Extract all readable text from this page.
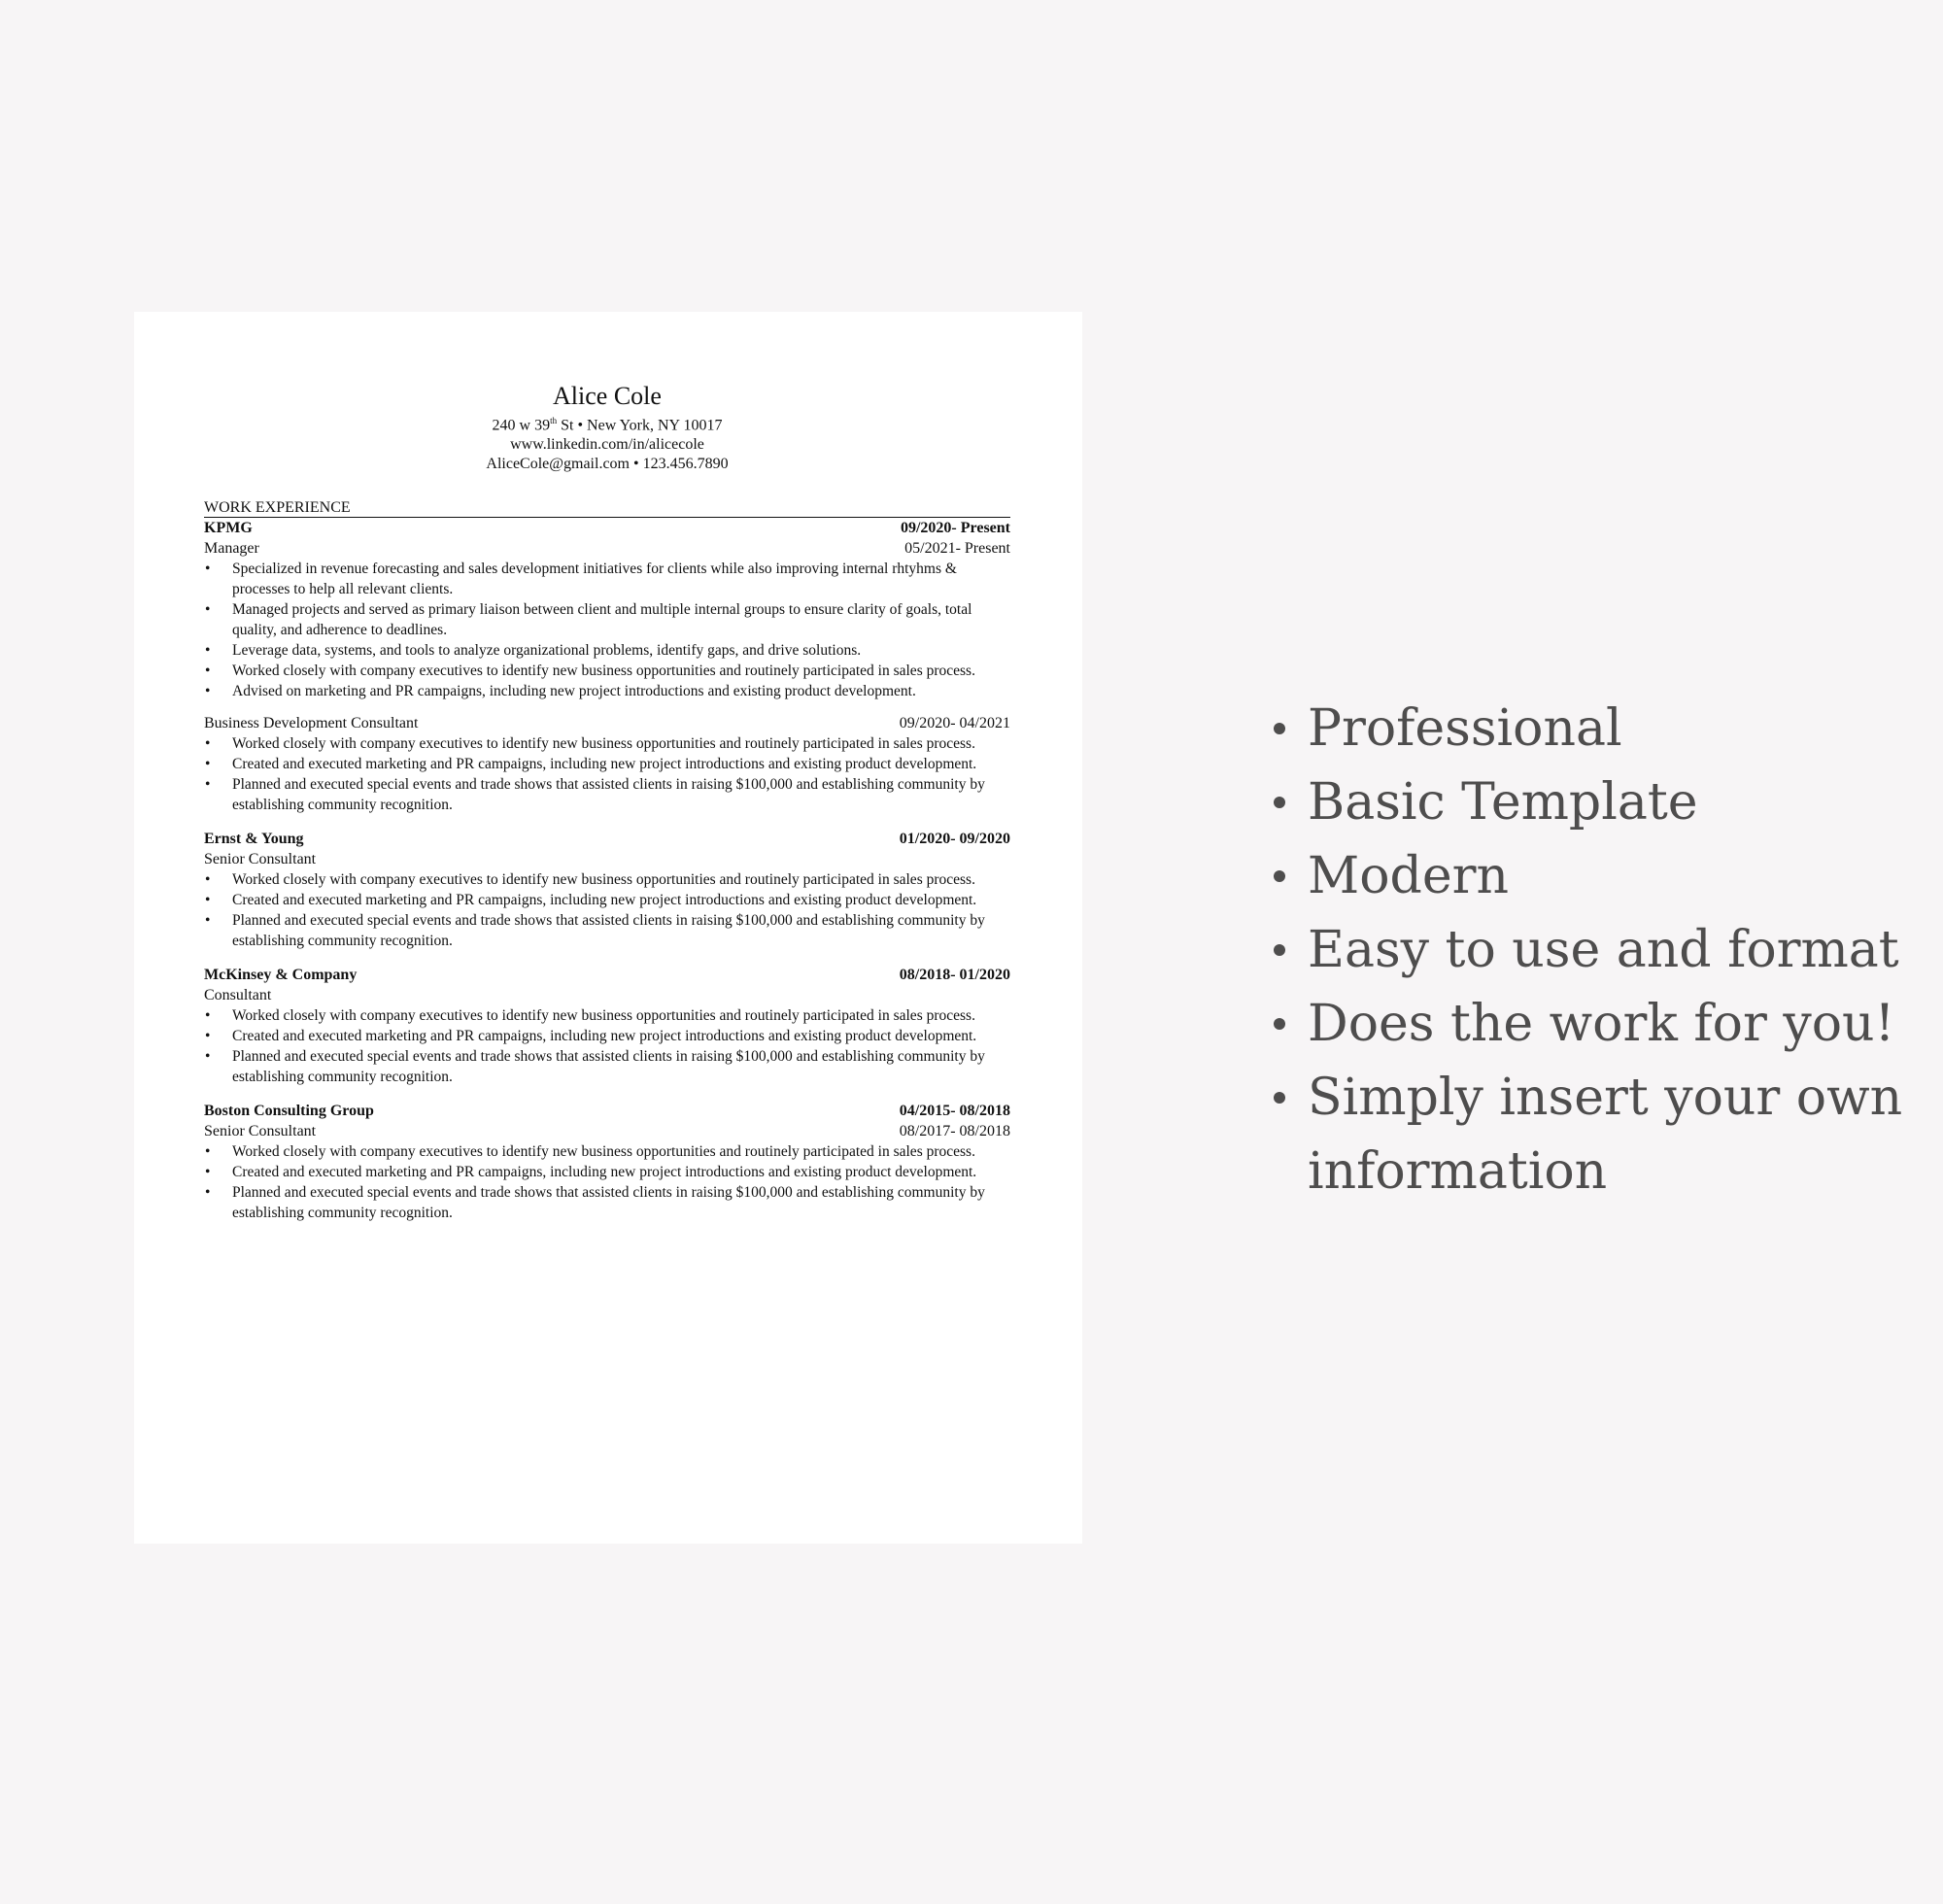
Alice Cole
240 w 39th St • New York, NY 10017
www.linkedin.com/in/alicecole
AliceCole@gmail.com • 123.456.7890
WORK EXPERIENCE
KPMG	09/2020- Present
Manager	05/2021- Present
• Specialized in revenue forecasting and sales development initiatives for clients while also improving internal rhtyhms & processes to help all relevant clients.
• Managed projects and served as primary liaison between client and multiple internal groups to ensure clarity of goals, total quality, and adherence to deadlines.
• Leverage data, systems, and tools to analyze organizational problems, identify gaps, and drive solutions.
• Worked closely with company executives to identify new business opportunities and routinely participated in sales process.
• Advised on marketing and PR campaigns, including new project introductions and existing product development.
Business Development Consultant	09/2020- 04/2021
• Worked closely with company executives to identify new business opportunities and routinely participated in sales process.
• Created and executed marketing and PR campaigns, including new project introductions and existing product development.
• Planned and executed special events and trade shows that assisted clients in raising $100,000 and establishing community by establishing community recognition.
Ernst & Young	01/2020- 09/2020
Senior Consultant
• Worked closely with company executives to identify new business opportunities and routinely participated in sales process.
• Created and executed marketing and PR campaigns, including new project introductions and existing product development.
• Planned and executed special events and trade shows that assisted clients in raising $100,000 and establishing community by establishing community recognition.
McKinsey & Company	08/2018- 01/2020
Consultant
• Worked closely with company executives to identify new business opportunities and routinely participated in sales process.
• Created and executed marketing and PR campaigns, including new project introductions and existing product development.
• Planned and executed special events and trade shows that assisted clients in raising $100,000 and establishing community by establishing community recognition.
Boston Consulting Group	04/2015- 08/2018
Senior Consultant	08/2017- 08/2018
• Worked closely with company executives to identify new business opportunities and routinely participated in sales process.
• Created and executed marketing and PR campaigns, including new project introductions and existing product development.
• Planned and executed special events and trade shows that assisted clients in raising $100,000 and establishing community by establishing community recognition.
Professional
Basic Template
Modern
Easy to use and format
Does the work for you!
Simply insert your own information
